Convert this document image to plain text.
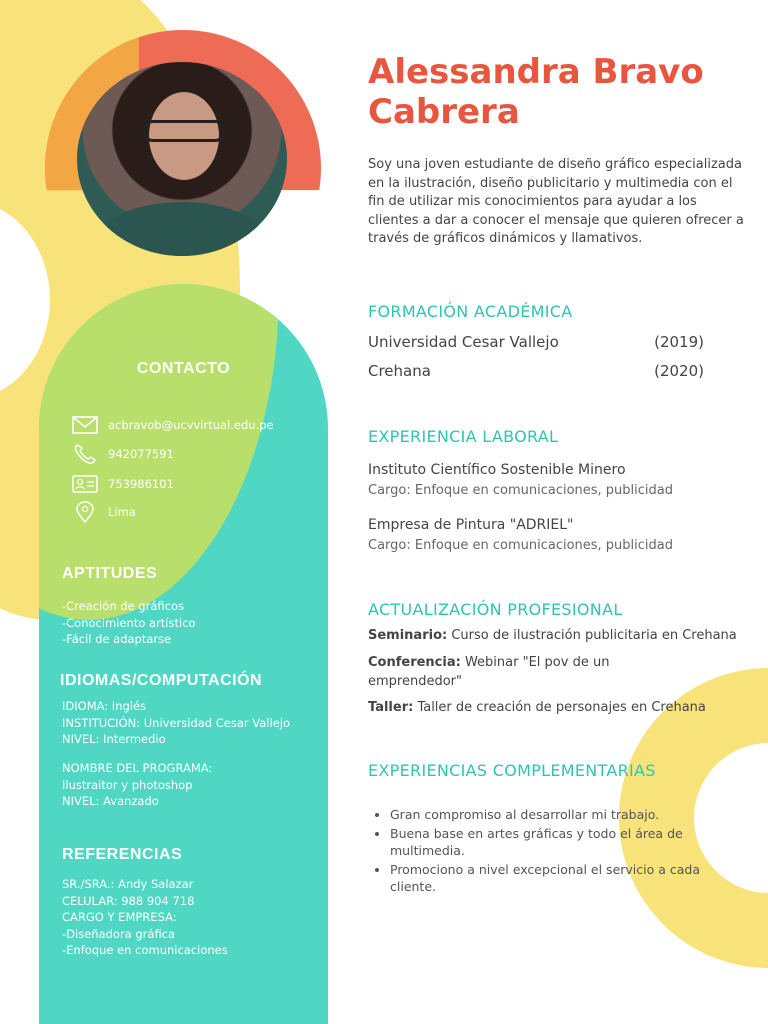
CONTACTO
acbravob@ucvvirtual.edu.pe
942077591
753986101
Lima
APTITUDES
-Creación de gráficos
-Conocimiento artístico
-Fácil de adaptarse
IDIOMAS/COMPUTACIÓN
IDIOMA: Inglés
INSTITUCIÓN: Universidad Cesar Vallejo
NIVEL: Intermedio
NOMBRE DEL PROGRAMA:
Ilustraitor y photoshop
NIVEL: Avanzado
REFERENCIAS
SR./SRA.: Andy Salazar
CELULAR: 988 904 718
CARGO Y EMPRESA:
-Diseñadora gráfica
-Enfoque en comunicaciones
Alessandra Bravo
Cabrera
Soy una joven estudiante de diseño gráfico especializada en la ilustración, diseño publicitario y multimedia con el fin de utilizar mis conocimientos para ayudar a los clientes a dar a conocer el mensaje que quieren ofrecer a través de gráficos dinámicos y llamativos.
FORMACIÓN ACADÉMICA
Universidad Cesar Vallejo	(2019)
Crehana	(2020)
EXPERIENCIA LABORAL
Instituto Científico Sostenible Minero
Cargo: Enfoque en comunicaciones, publicidad
Empresa de Pintura "ADRIEL"
Cargo: Enfoque en comunicaciones, publicidad
ACTUALIZACIÓN PROFESIONAL
Seminario: Curso de ilustración publicitaria en Crehana
Conferencia: Webinar "El pov de un emprendedor"
Taller: Taller de creación de personajes en Crehana
EXPERIENCIAS COMPLEMENTARIAS
• Gran compromiso al desarrollar mi trabajo.
• Buena base en artes gráficas y todo el área de multimedia.
• Promociono a nivel excepcional el servicio a cada cliente.
